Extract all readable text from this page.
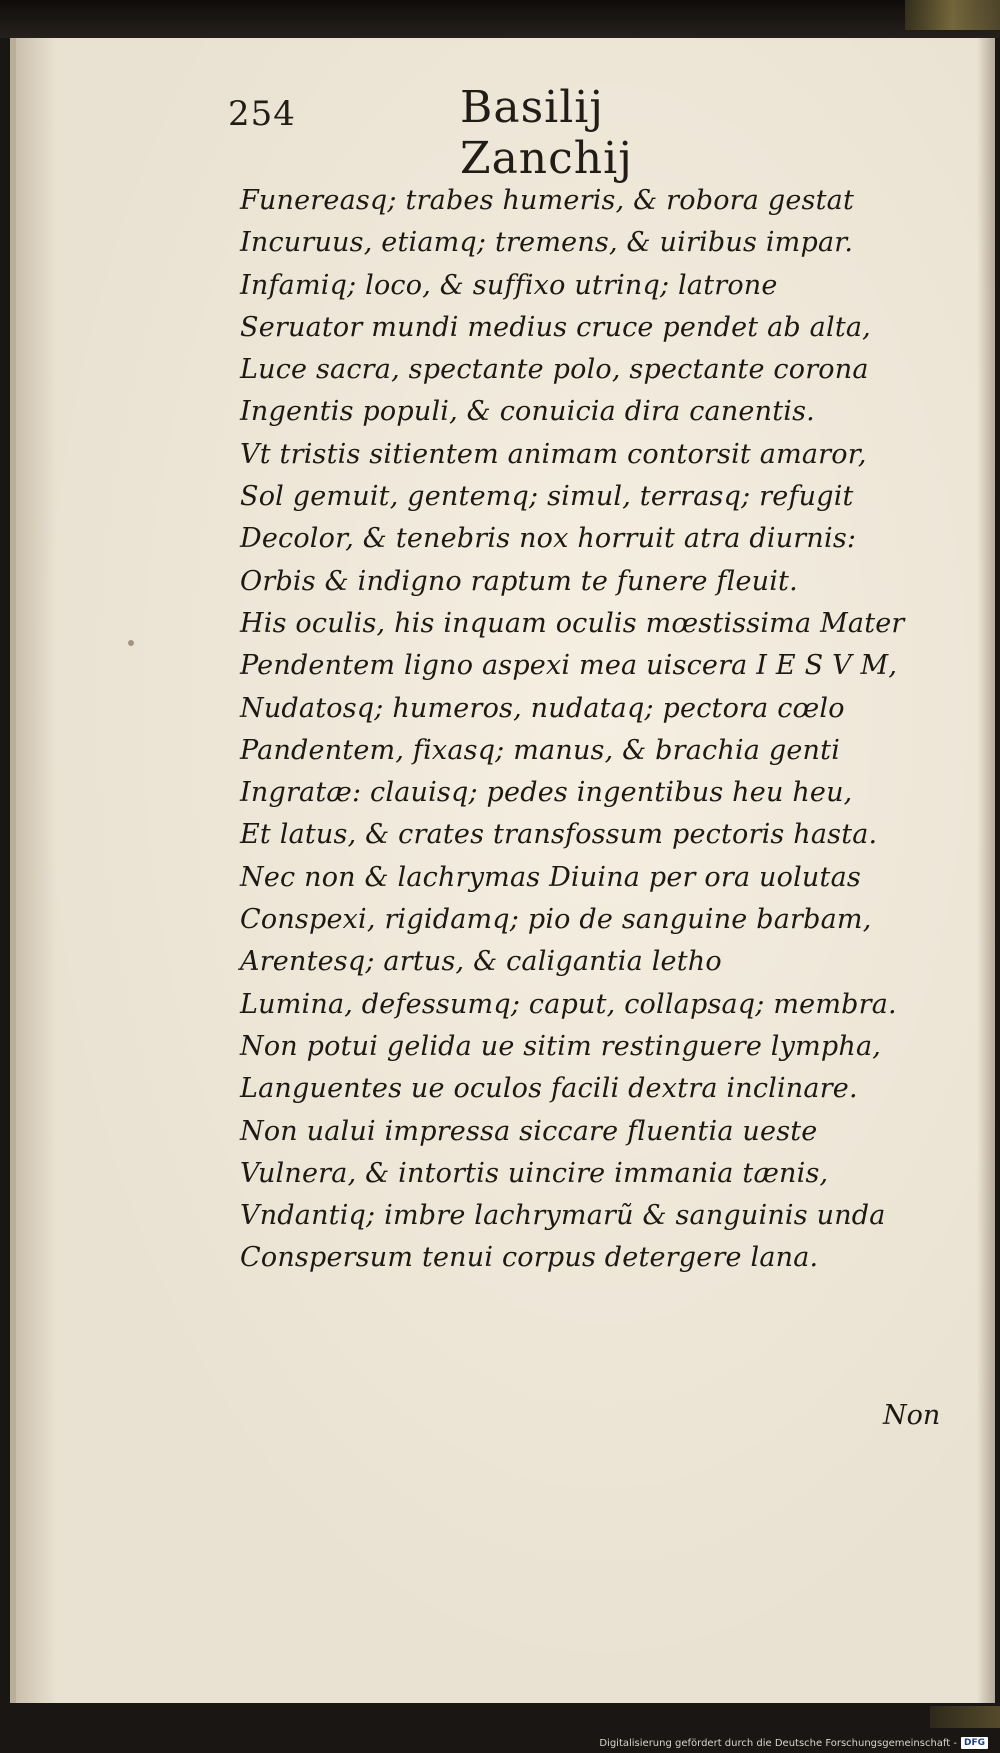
254	Basilij Zanchij
Funereasq; trabes humeris, & robora gestat
Incuruus, etiamq; tremens, & uiribus impar.
Infamiq; loco, & suffixo utrinq; latrone
Seruator mundi medius cruce pendet ab alta,
Luce sacra, spectante polo, spectante corona
Ingentis populi, & conuicia dira canentis.
Vt tristis sitientem animam contorsit amaror,
Sol gemuit, gentemq; simul, terrasq; refugit
Decolor, & tenebris nox horruit atra diurnis:
Orbis & indigno raptum te funere fleuit.
His oculis, his inquam oculis mœstissima Mater
Pendentem ligno aspexi mea uiscera I E S V M,
Nudatosq; humeros, nudataq; pectora cœlo
Pandentem, fixasq; manus, & brachia genti
Ingratæ: clauisq; pedes ingentibus heu heu,
Et latus, & crates transfossum pectoris hasta.
Nec non & lachrymas Diuina per ora uolutas
Conspexi, rigidamq; pio de sanguine barbam,
Arentesq; artus, & caligantia letho
Lumina, defessumq; caput, collapsaq; membra.
Non potui gelida ue sitim restinguere lympha,
Languentes ue oculos facili dextra inclinare.
Non ualui impressa siccare fluentia ueste
Vulnera, & intortis uincire immania tænis,
Vndantiq; imbre lachrymarũ & sanguinis unda
Conspersum tenui corpus detergere lana.
Non
Digitalisierung gefördert durch die Deutsche Forschungsgemeinschaft - DFG
